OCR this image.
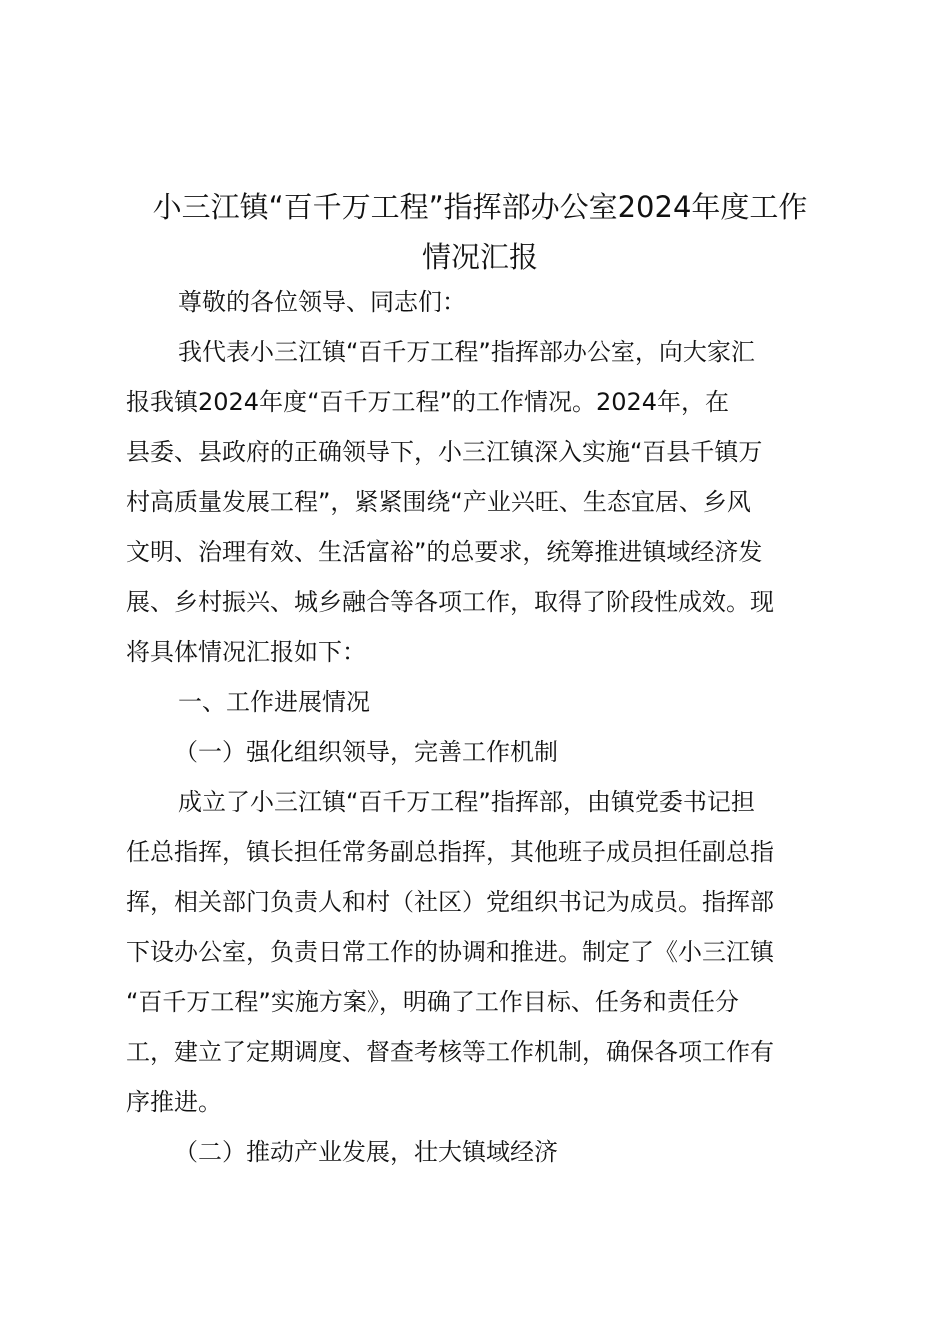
小三江镇“百千万工程”指挥部办公室2024年度工作
情况汇报

尊敬的各位领导、同志们：

我代表小三江镇“百千万工程”指挥部办公室，向大家汇

报我镇2024年度“百千万工程”的工作情况。2024年，在

县委、县政府的正确领导下，小三江镇深入实施“百县千镇万

村高质量发展工程”，紧紧围绕“产业兴旺、生态宜居、乡风

文明、治理有效、生活富裕”的总要求，统筹推进镇域经济发

展、乡村振兴、城乡融合等各项工作，取得了阶段性成效。现

将具体情况汇报如下：

一、工作进展情况

（一）强化组织领导，完善工作机制

成立了小三江镇“百千万工程”指挥部，由镇党委书记担

任总指挥，镇长担任常务副总指挥，其他班子成员担任副总指

挥，相关部门负责人和村（社区）党组织书记为成员。指挥部

下设办公室，负责日常工作的协调和推进。制定了《小三江镇

“百千万工程”实施方案》，明确了工作目标、任务和责任分

工，建立了定期调度、督查考核等工作机制，确保各项工作有

序推进。

（二）推动产业发展，壮大镇域经济
